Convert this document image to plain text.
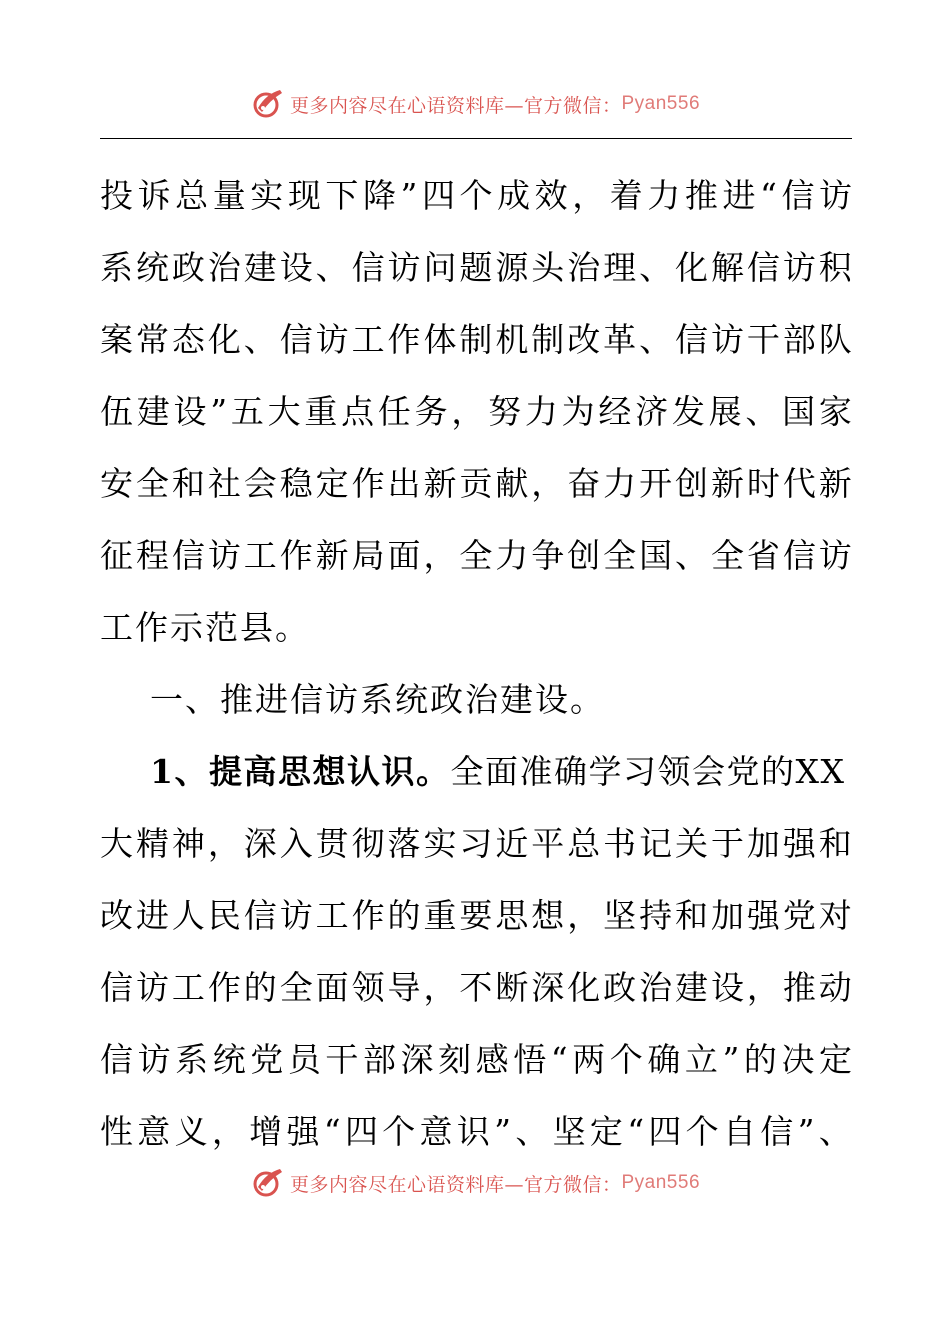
更多内容尽在心语资料库—官方微信： Pyan556
投 诉 总 量 实 现 下 降 ” 四 个 成 效 ， 着 力 推 进 “ 信 访
系 统 政 治 建 设 、 信 访 问 题 源 头 治 理 、 化 解 信 访 积
案 常 态 化 、 信 访 工 作 体 制 机 制 改 革 、 信 访 干 部 队
伍 建 设 ” 五 大 重 点 任 务 ， 努 力 为 经 济 发 展 、 国 家
安 全 和 社 会 稳 定 作 出 新 贡 献 ， 奋 力 开 创 新 时 代 新
征 程 信 访 工 作 新 局 面 ， 全 力 争 创 全 国 、 全 省 信 访
工作示范县。
一、推进信访系统政治建设。
1、提高思想认识。 全面准确学习领会党的XX
大 精 神 ， 深 入 贯 彻 落 实 习 近 平 总 书 记 关 于 加 强 和
改 进 人 民 信 访 工 作 的 重 要 思 想 ， 坚 持 和 加 强 党 对
信 访 工 作 的 全 面 领 导 ， 不 断 深 化 政 治 建 设 ， 推 动
信 访 系 统 党 员 干 部 深 刻 感 悟 “ 两 个 确 立 ” 的 决 定
性 意 义 ， 增 强 “ 四 个 意 识 ” 、 坚 定 “ 四 个 自 信 ” 、
更多内容尽在心语资料库—官方微信： Pyan556
